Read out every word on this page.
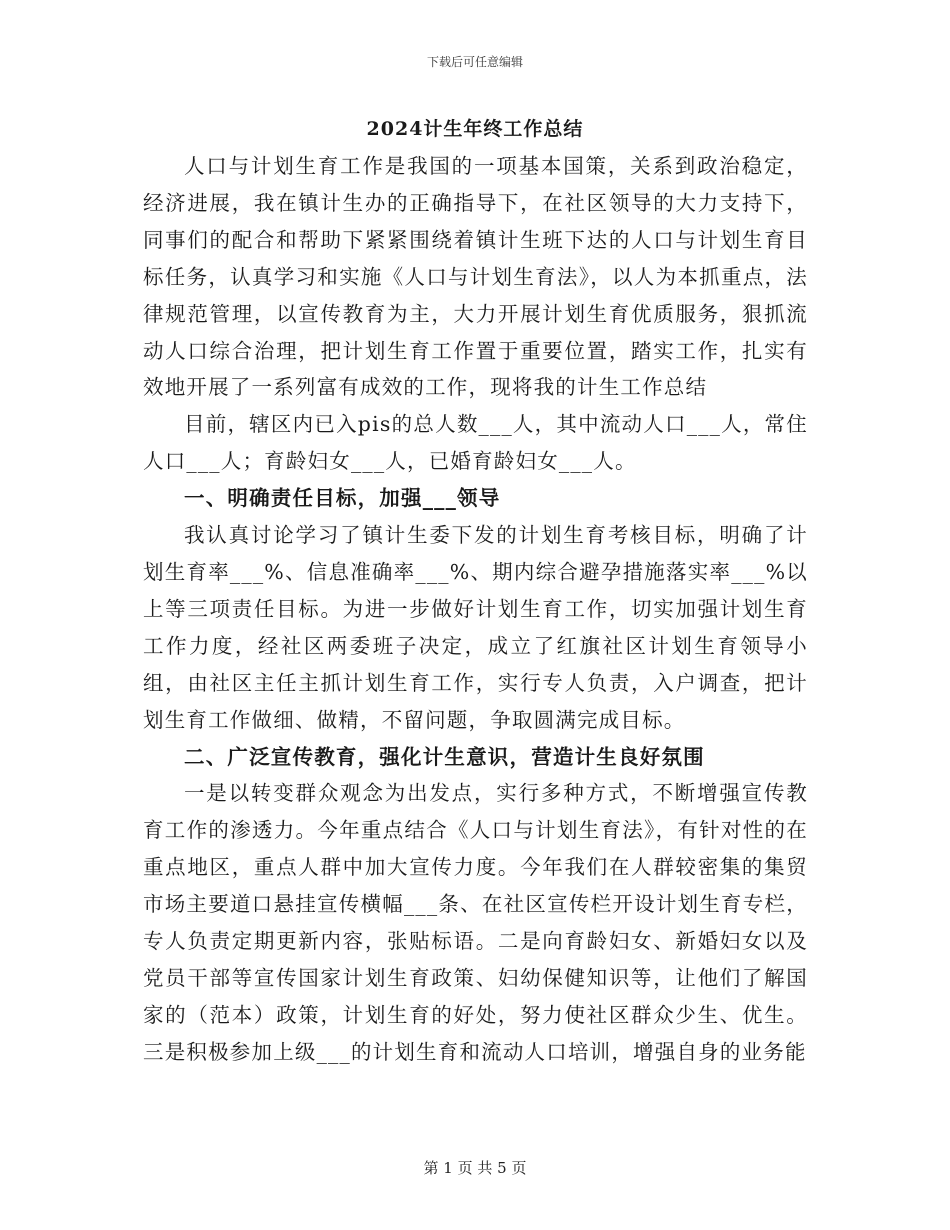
下载后可任意编辑
2024计生年终工作总结

人口与计划生育工作是我国的一项基本国策，关系到政治稳定，经济进展，我在镇计生办的正确指导下，在社区领导的大力支持下，同事们的配合和帮助下紧紧围绕着镇计生班下达的人口与计划生育目标任务，认真学习和实施《人口与计划生育法》，以人为本抓重点，法律规范管理，以宣传教育为主，大力开展计划生育优质服务，狠抓流动人口综合治理，把计划生育工作置于重要位置，踏实工作，扎实有效地开展了一系列富有成效的工作，现将我的计生工作总结

目前，辖区内已入pis的总人数___人，其中流动人口___人，常住人口___人；育龄妇女___人，已婚育龄妇女___人。

一、明确责任目标，加强___领导

我认真讨论学习了镇计生委下发的计划生育考核目标，明确了计划生育率___%、信息准确率___%、期内综合避孕措施落实率___%以上等三项责任目标。为进一步做好计划生育工作，切实加强计划生育工作力度，经社区两委班子决定，成立了红旗社区计划生育领导小组，由社区主任主抓计划生育工作，实行专人负责，入户调查，把计划生育工作做细、做精，不留问题，争取圆满完成目标。

二、广泛宣传教育，强化计生意识，营造计生良好氛围

一是以转变群众观念为出发点，实行多种方式，不断增强宣传教育工作的渗透力。今年重点结合《人口与计划生育法》，有针对性的在重点地区，重点人群中加大宣传力度。今年我们在人群较密集的集贸市场主要道口悬挂宣传横幅___条、在社区宣传栏开设计划生育专栏，专人负责定期更新内容，张贴标语。二是向育龄妇女、新婚妇女以及党员干部等宣传国家计划生育政策、妇幼保健知识等，让他们了解国家的（范本）政策，计划生育的好处，努力使社区群众少生、优生。三是积极参加上级___的计划生育和流动人口培训，增强自身的业务能

第 1 页 共 5 页
